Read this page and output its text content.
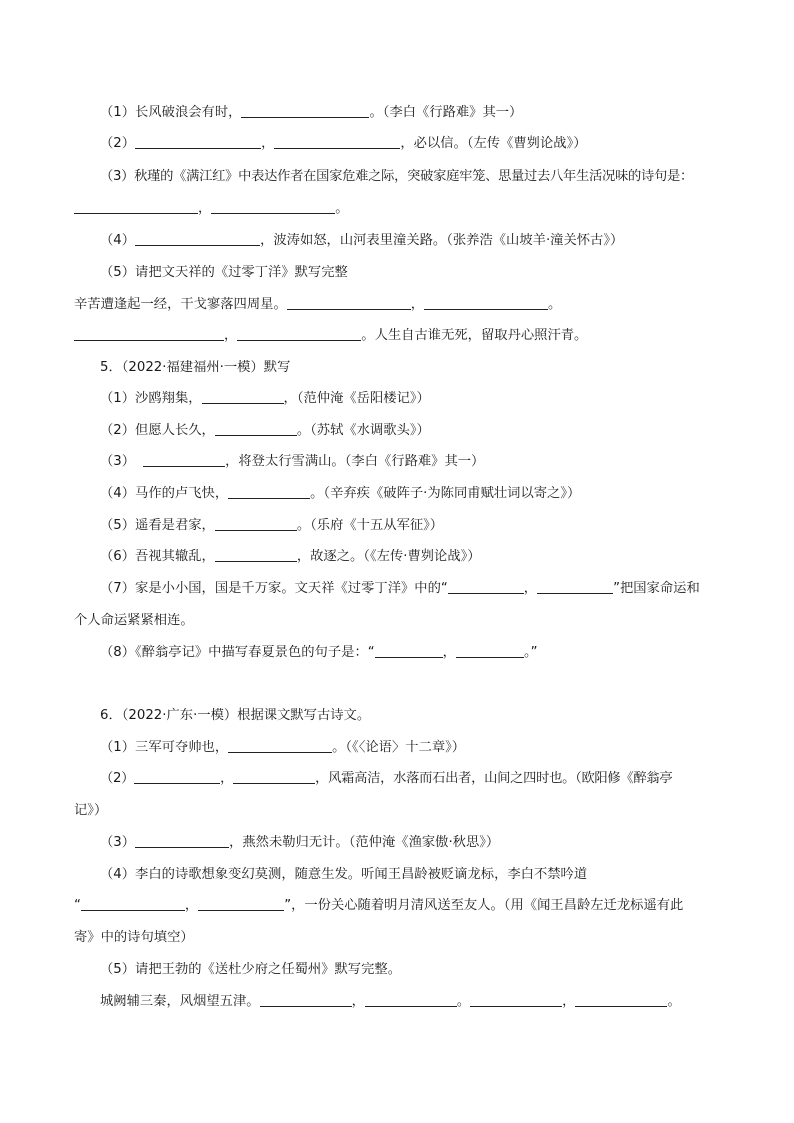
（1）长风破浪会有时，	。（李白《行路难》其一）
（2）	，	，必以信。（左传《曹刿论战》）
（3）秋瑾的《满江红》中表达作者在国家危难之际，突破家庭牢笼、思量过去八年生活况味的诗句是：
，	。
（4）	，波涛如怒，山河表里潼关路。（张养浩《山坡羊·潼关怀古》）
（5）请把文天祥的《过零丁洋》默写完整
辛苦遭逢起一经，干戈寥落四周星。	，	。
，	。人生自古谁无死，留取丹心照汗青。
5．（2022·福建福州·一模）默写
（1）沙鸥翔集，	，（范仲淹《岳阳楼记》）
（2）但愿人长久，	。（苏轼《水调歌头》）
（3）	，将登太行雪满山。（李白《行路难》其一）
（4）马作的卢飞快，	。（辛弃疾《破阵子·为陈同甫赋壮词以寄之》）
（5）遥看是君家，	。（乐府《十五从军征》）
（6）吾视其辙乱，	，故逐之。（《左传·曹刿论战》）
（7）家是小小国，国是千万家。文天祥《过零丁洋》中的“	，	”把国家命运和
个人命运紧紧相连。
（8）《醉翁亭记》中描写春夏景色的句子是：“	，	。”
6．（2022·广东·一模）根据课文默写古诗文。
（1）三军可夺帅也，	。（《〈论语〉十二章》）
（2）	，	，风霜高洁，水落而石出者，山间之四时也。（欧阳修《醉翁亭
记》）
（3）	，燕然未勒归无计。（范仲淹《渔家傲·秋思》）
（4）李白的诗歌想象变幻莫测，随意生发。听闻王昌龄被贬谪龙标，李白不禁吟道
“	，	”，一份关心随着明月清风送至友人。（用《闻王昌龄左迁龙标遥有此
寄》中的诗句填空）
（5）请把王勃的《送杜少府之任蜀州》默写完整。
城阙辅三秦，风烟望五津。	，	。	，	。
